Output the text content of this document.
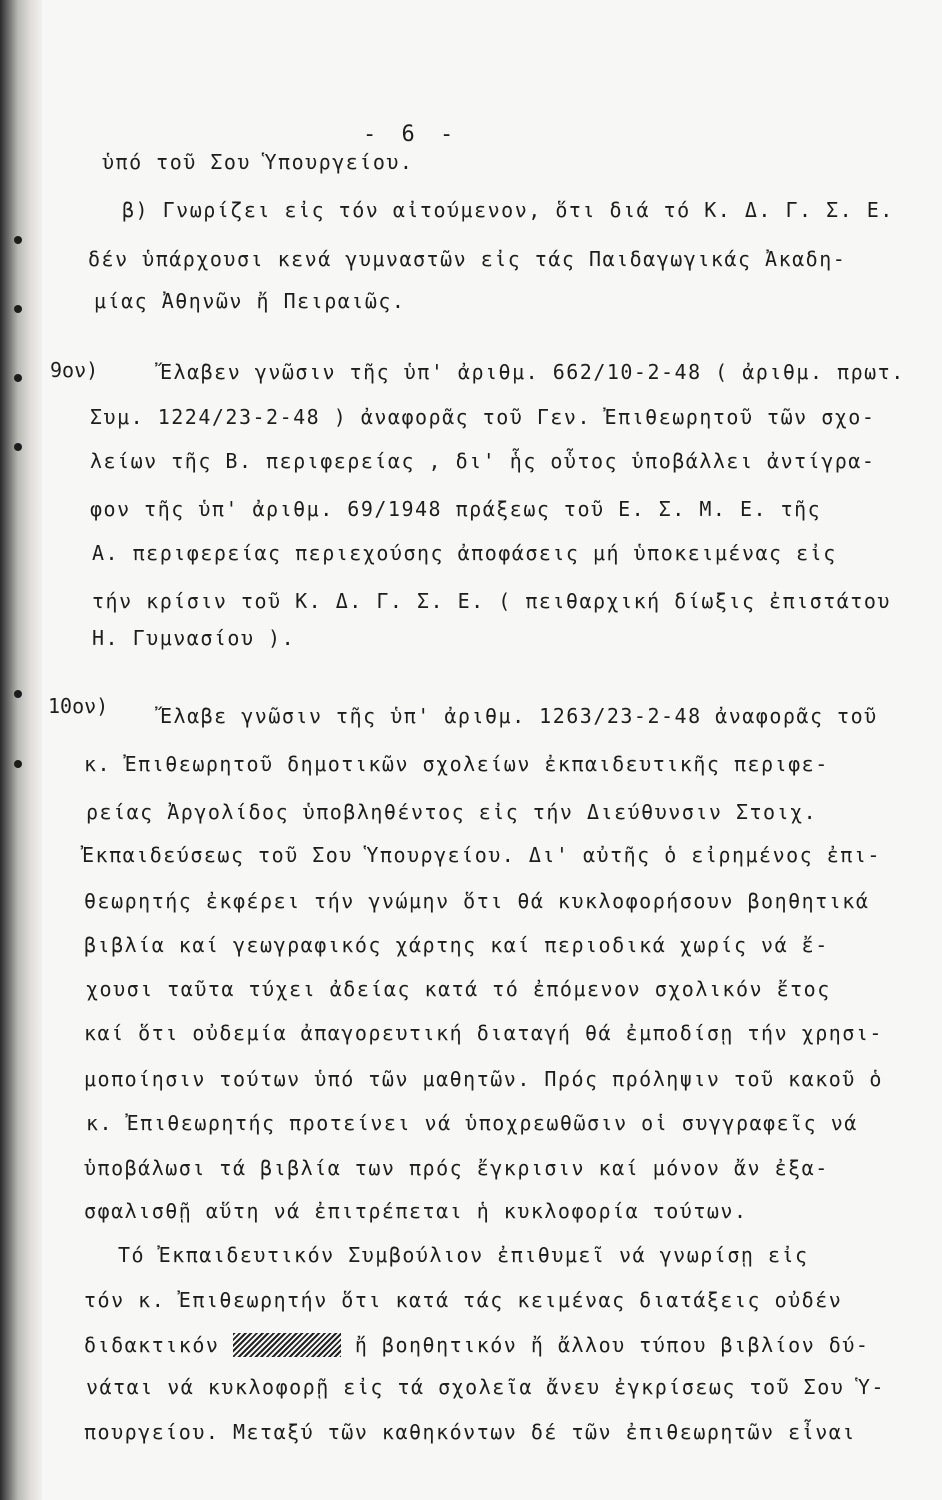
- 6 -
ὑπό τοῦ Σου Ὑπουργείου.
β) Γνωρίζει εἰς τόν αἰτούμενον, ὅτι διά τό Κ. Δ. Γ. Σ. Ε.
δέν ὑπάρχουσι κενά γυμναστῶν εἰς τάς Παιδαγωγικάς Ἀκαδη-
μίας Ἀθηνῶν ἤ Πειραιῶς.
9ον)	Ἔλαβεν γνῶσιν τῆς ὑπ' ἀριθμ. 662/10-2-48 ( ἀριθμ. πρωτ.
Συμ. 1224/23-2-48 ) ἀναφορᾶς τοῦ Γεν. Ἐπιθεωρητοῦ τῶν σχο-
λείων τῆς Β. περιφερείας , δι' ἧς οὗτος ὑποβάλλει ἀντίγρα-
φον τῆς ὑπ' ἀριθμ. 69/1948 πράξεως τοῦ Ε. Σ. Μ. Ε. τῆς
Α. περιφερείας περιεχούσης ἀποφάσεις μή ὑποκειμένας εἰς
τήν κρίσιν τοῦ Κ. Δ. Γ. Σ. Ε. ( πειθαρχική δίωξις ἐπιστάτου
Η. Γυμνασίου ).
10ον)	Ἔλαβε γνῶσιν τῆς ὑπ' ἀριθμ. 1263/23-2-48 ἀναφορᾶς τοῦ
κ. Ἐπιθεωρητοῦ δημοτικῶν σχολείων ἐκπαιδευτικῆς περιφε-
ρείας Ἀργολίδος ὑποβληθέντος εἰς τήν Διεύθυνσιν Στοιχ.
Ἐκπαιδεύσεως τοῦ Σου Ὑπουργείου. Δι' αὐτῆς ὁ εἰρημένος ἐπι-
θεωρητής ἐκφέρει τήν γνώμην ὅτι θά κυκλοφορήσουν βοηθητικά
βιβλία καί γεωγραφικός χάρτης καί περιοδικά χωρίς νά ἔ-
χουσι ταῦτα τύχει ἀδείας κατά τό ἐπόμενον σχολικόν ἔτος
καί ὅτι οὐδεμία ἀπαγορευτική διαταγή θά ἐμποδίσῃ τήν χρησι-
μοποίησιν τούτων ὑπό τῶν μαθητῶν. Πρός πρόληψιν τοῦ κακοῦ ὁ
κ. Ἐπιθεωρητής προτείνει νά ὑποχρεωθῶσιν οἱ συγγραφεῖς νά
ὑποβάλωσι τά βιβλία των πρός ἔγκρισιν καί μόνον ἄν ἐξα-
σφαλισθῇ αὕτη νά ἐπιτρέπεται ἡ κυκλοφορία τούτων.
Τό Ἐκπαιδευτικόν Συμβούλιον ἐπιθυμεῖ νά γνωρίσῃ εἰς
τόν κ. Ἐπιθεωρητήν ὅτι κατά τάς κειμένας διατάξεις οὐδέν
διδακτικόν	ἤ βοηθητικόν ἤ ἄλλου τύπου βιβλίον δύ-
νάται νά κυκλοφορῇ εἰς τά σχολεῖα ἄνευ ἐγκρίσεως τοῦ Σου Ὑ-
πουργείου. Μεταξύ τῶν καθηκόντων δέ τῶν ἐπιθεωρητῶν εἶναι
